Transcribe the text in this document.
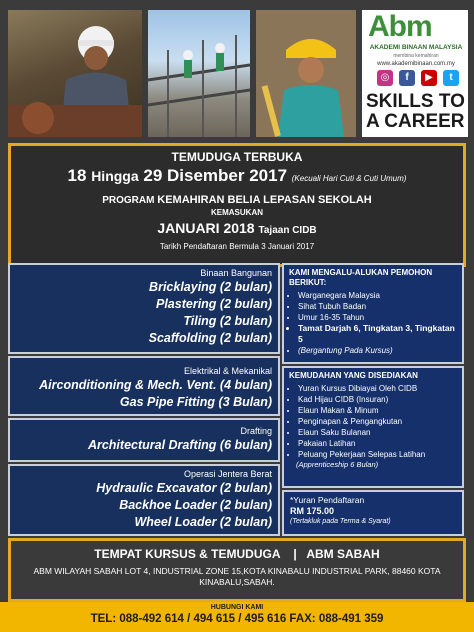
Abm
AKADEMI BINAAN MALAYSIA
membina kemahiran
www.akademibinaan.com.my
◎	f	▶	t
SKILLS TO
A CAREER
TEMUDUGA TERBUKA
18 Hingga 29 Disember 2017 (Kecuali Hari Cuti & Cuti Umum)
PROGRAM KEMAHIRAN BELIA LEPASAN SEKOLAH
KEMASUKAN
JANUARI 2018 Tajaan CIDB
Tarikh Pendaftaran Bermula 3 Januari 2017
Binaan Bangunan
Bricklaying (2 bulan)
Plastering (2 bulan)
Tiling (2 bulan)
Scaffolding (2 bulan)
Elektrikal & Mekanikal
Airconditioning & Mech. Vent. (4 bulan)
Gas Pipe Fitting (3 Bulan)
Drafting
Architectural Drafting (6 bulan)
Operasi Jentera Berat
Hydraulic Excavator (2 bulan)
Backhoe Loader (2 bulan)
Wheel Loader (2 bulan)
KAMI MENGALU-ALUKAN PEMOHON BERIKUT:
• Warganegara Malaysia
• Sihat Tubuh Badan
• Umur 16-35 Tahun
• Tamat Darjah 6, Tingkatan 3, Tingkatan 5
• (Bergantung Pada Kursus)
KEMUDAHAN YANG DISEDIAKAN
• Yuran Kursus Dibiayai Oleh CIDB
• Kad Hijau CIDB (Insuran)
• Elaun Makan & Minum
• Penginapan & Pengangkutan
• Elaun Saku Bulanan
• Pakaian Latihan
• Peluang Pekerjaan Selepas Latihan
(Apprenticeship 6 Bulan)
*Yuran Pendaftaran
RM 175.00
(Tertakluk pada Terma & Syarat)
TEMPAT KURSUS & TEMUDUGA | ABM SABAH
ABM WILAYAH SABAH LOT 4, INDUSTRIAL ZONE 15,KOTA KINABALU INDUSTRIAL PARK, 88460 KOTA KINABALU,SABAH.
HUBUNGI KAMI
TEL: 088-492 614 / 494 615 / 495 616 FAX: 088-491 359
